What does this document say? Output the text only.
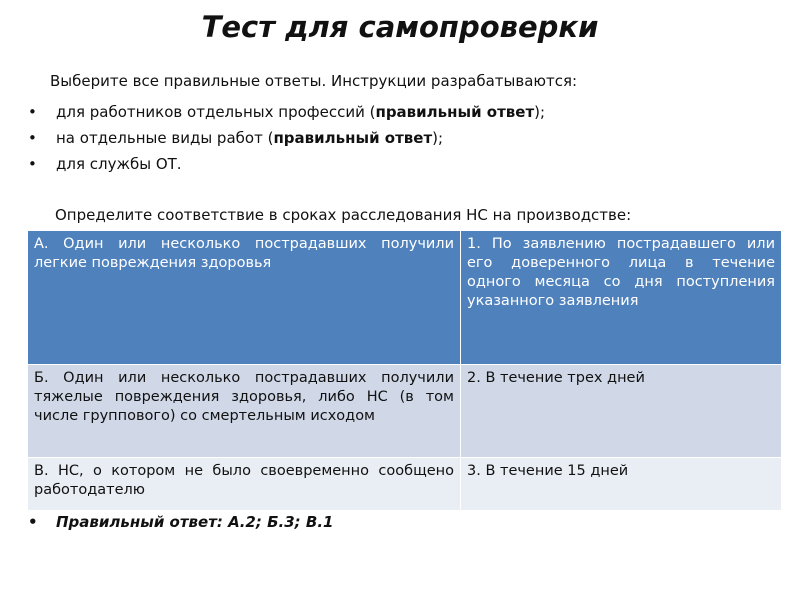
Тест для самопроверки
Выберите все правильные ответы. Инструкции разрабатываются:
• для работников отдельных профессий (правильный ответ);
• на отдельные виды работ (правильный ответ);
• для службы ОТ.
Определите соответствие в сроках расследования НС на производстве:
А. Один или несколько пострадавших получили легкие повреждения здоровья	1. По заявлению пострадавшего или его доверенного лица в течение одного месяца со дня поступления указанного заявления
Б. Один или несколько пострадавших получили тяжелые повреждения здоровья, либо НС (в том числе группового) со смертельным исходом	2. В течение трех дней
В. НС, о котором не было своевременно сообщено работодателю	3. В течение 15 дней
• Правильный ответ: А.2; Б.3; В.1
